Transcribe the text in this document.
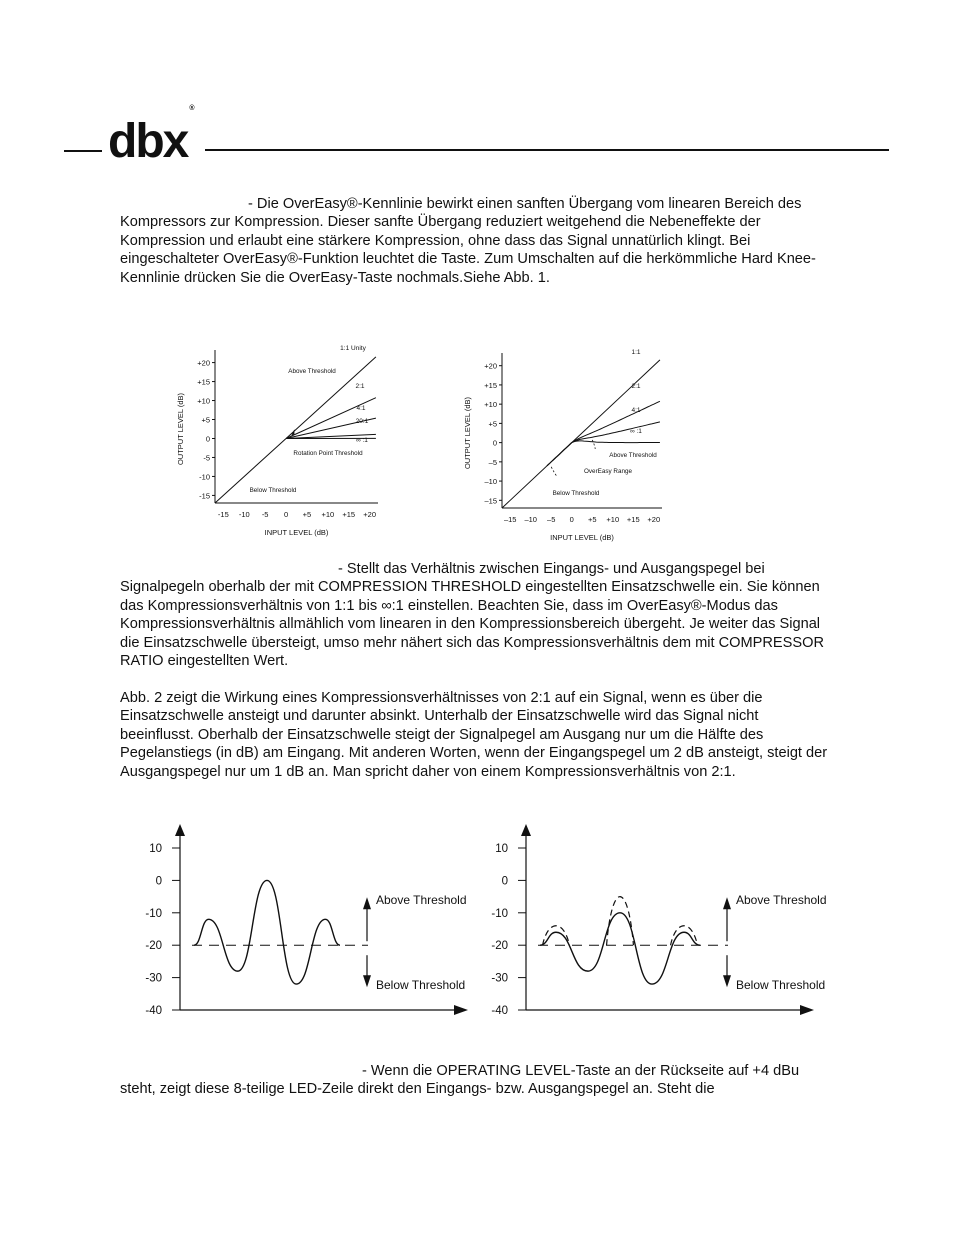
dbx®

- Die OverEasy®-Kennlinie bewirkt einen sanften Übergang vom linearen Bereich des Kompressors zur Kompression. Dieser sanfte Übergang reduziert weitgehend die Nebeneffekte der Kompression und erlaubt eine stärkere Kompression, ohne dass das Signal unnatürlich klingt. Bei eingeschalteter OverEasy®-Funktion leuchtet die Taste. Zum Umschalten auf die herkömmliche Hard Knee-Kennlinie drücken Sie die OverEasy-Taste nochmals.Siehe Abb. 1.

+20
+15
+10
+5
0
-5
-10
-15
-15 -10 -5 0 +5 +10 +15 +20
INPUT LEVEL (dB)
OUTPUT LEVEL (dB)
1:1 Unity
2:1
4:1
20:1
∞ :1
Above Threshold
Rotation Point Threshold
Below Threshold
+20
+15
+10
+5
0
–5
–10
–15
–15 –10 –5 0 +5 +10 +15 +20
INPUT LEVEL (dB)
OUTPUT LEVEL (dB)
1:1
2:1
4:1
∞ :1
Above Threshold
OverEasy Range
Below Threshold

- Stellt das Verhältnis zwischen Eingangs- und Ausgangspegel bei Signalpegeln oberhalb der mit COMPRESSION THRESHOLD eingestellten Einsatzschwelle ein. Sie können das Kompressionsverhältnis von 1:1 bis ∞:1 einstellen. Beachten Sie, dass im OverEasy®-Modus das Kompressionsverhältnis allmählich vom linearen in den Kompressionsbereich übergeht. Je weiter das Signal die Einsatzschwelle übersteigt, umso mehr nähert sich das Kompressionsverhältnis dem mit COMPRESSOR RATIO eingestellten Wert.

Abb. 2 zeigt die Wirkung eines Kompressionsverhältnisses von 2:1 auf ein Signal, wenn es über die Einsatzschwelle ansteigt und darunter absinkt. Unterhalb der Einsatzschwelle wird das Signal nicht beeinflusst. Oberhalb der Einsatzschwelle steigt der Signalpegel am Ausgang nur um die Hälfte des Pegelanstiegs (in dB) am Eingang. Mit anderen Worten, wenn der Eingangspegel um 2 dB ansteigt, steigt der Ausgangspegel nur um 1 dB an. Man spricht daher von einem Kompressionsverhältnis von 2:1.

10
0
-10
-20
-30
-40
Above Threshold
Below Threshold
10
0
-10
-20
-30
-40
Above Threshold
Below Threshold

- Wenn die OPERATING LEVEL-Taste an der Rückseite auf +4 dBu steht, zeigt diese 8-teilige LED-Zeile direkt den Eingangs- bzw. Ausgangspegel an. Steht die
